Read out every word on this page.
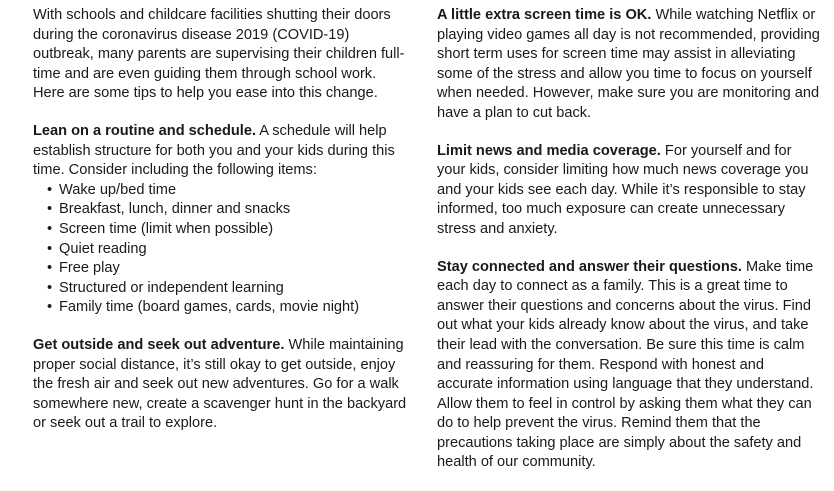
With schools and childcare facilities shutting their doors during the coronavirus disease 2019 (COVID-19) outbreak, many parents are supervising their children full-time and are even guiding them through school work. Here are some tips to help you ease into this change.

Lean on a routine and schedule. A schedule will help establish structure for both you and your kids during this time. Consider including the following items:

• Wake up/bed time
• Breakfast, lunch, dinner and snacks
• Screen time (limit when possible)
• Quiet reading
• Free play
• Structured or independent learning
• Family time (board games, cards, movie night)

Get outside and seek out adventure. While maintaining proper social distance, it’s still okay to get outside, enjoy the fresh air and seek out new adventures. Go for a walk somewhere new, create a scavenger hunt in the backyard or seek out a trail to explore.

A little extra screen time is OK. While watching Netflix or playing video games all day is not recommended, providing short term uses for screen time may assist in alleviating some of the stress and allow you time to focus on yourself when needed. However, make sure you are monitoring and have a plan to cut back.

Limit news and media coverage. For yourself and for your kids, consider limiting how much news coverage you and your kids see each day. While it’s responsible to stay informed, too much exposure can create unnecessary stress and anxiety.

Stay connected and answer their questions. Make time each day to connect as a family. This is a great time to answer their questions and concerns about the virus. Find out what your kids already know about the virus, and take their lead with the conversation. Be sure this time is calm and reassuring for them. Respond with honest and accurate information using language that they understand. Allow them to feel in control by asking them what they can do to help prevent the virus. Remind them that the precautions taking place are simply about the safety and health of our community.
